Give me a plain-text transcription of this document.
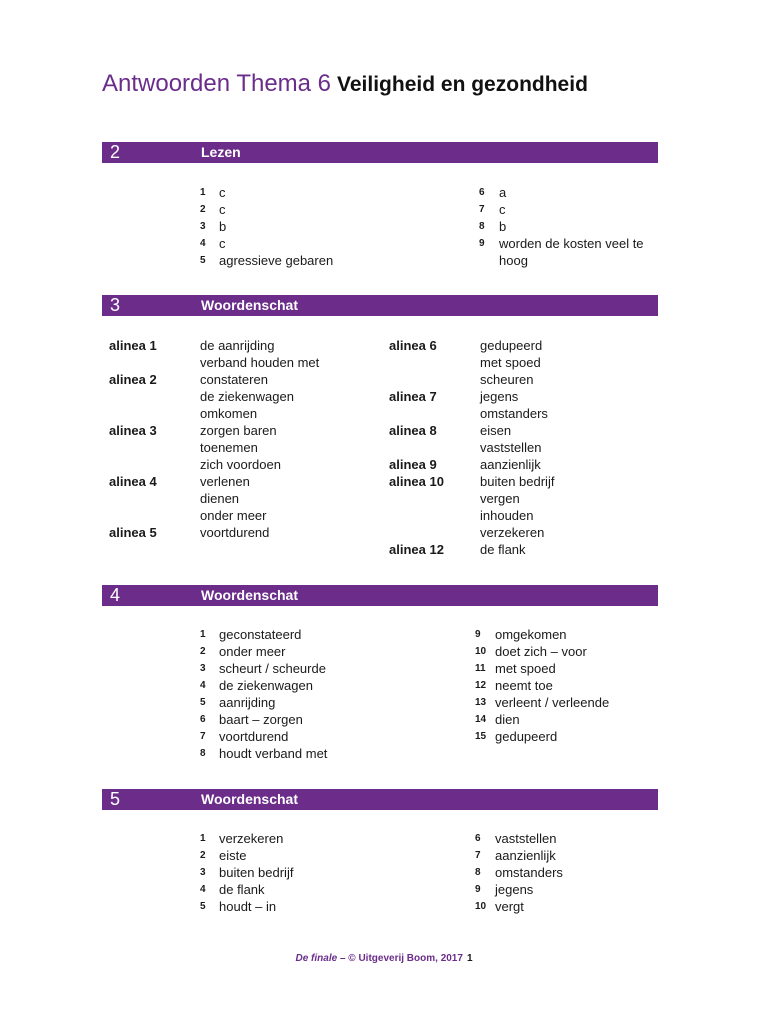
Antwoorden Thema 6 Veiligheid en gezondheid
2	Lezen
1	c
2	c
3	b
4	c
5	agressieve gebaren
6	a
7	c
8	b
9	worden de kosten veel te
hoog
3	Woordenschat
alinea 1	de aanrijding
verband houden met
alinea 2	constateren
de ziekenwagen
omkomen
alinea 3	zorgen baren
toenemen
zich voordoen
alinea 4	verlenen
dienen
onder meer
alinea 5	voortdurend
alinea 6	gedupeerd
met spoed
scheuren
alinea 7	jegens
omstanders
alinea 8	eisen
vaststellen
alinea 9	aanzienlijk
alinea 10	buiten bedrijf
vergen
inhouden
verzekeren
alinea 12	de flank
4	Woordenschat
1	geconstateerd
2	onder meer
3	scheurt / scheurde
4	de ziekenwagen
5	aanrijding
6	baart – zorgen
7	voortdurend
8	houdt verband met
9	omgekomen
10 doet zich – voor
11 met spoed
12 neemt toe
13 verleent / verleende
14 dien
15 gedupeerd
5	Woordenschat
1	verzekeren
2	eiste
3	buiten bedrijf
4	de flank
5	houdt – in
6	vaststellen
7	aanzienlijk
8	omstanders
9	jegens
10 vergt
De finale – © Uitgeverij Boom, 2017 1
